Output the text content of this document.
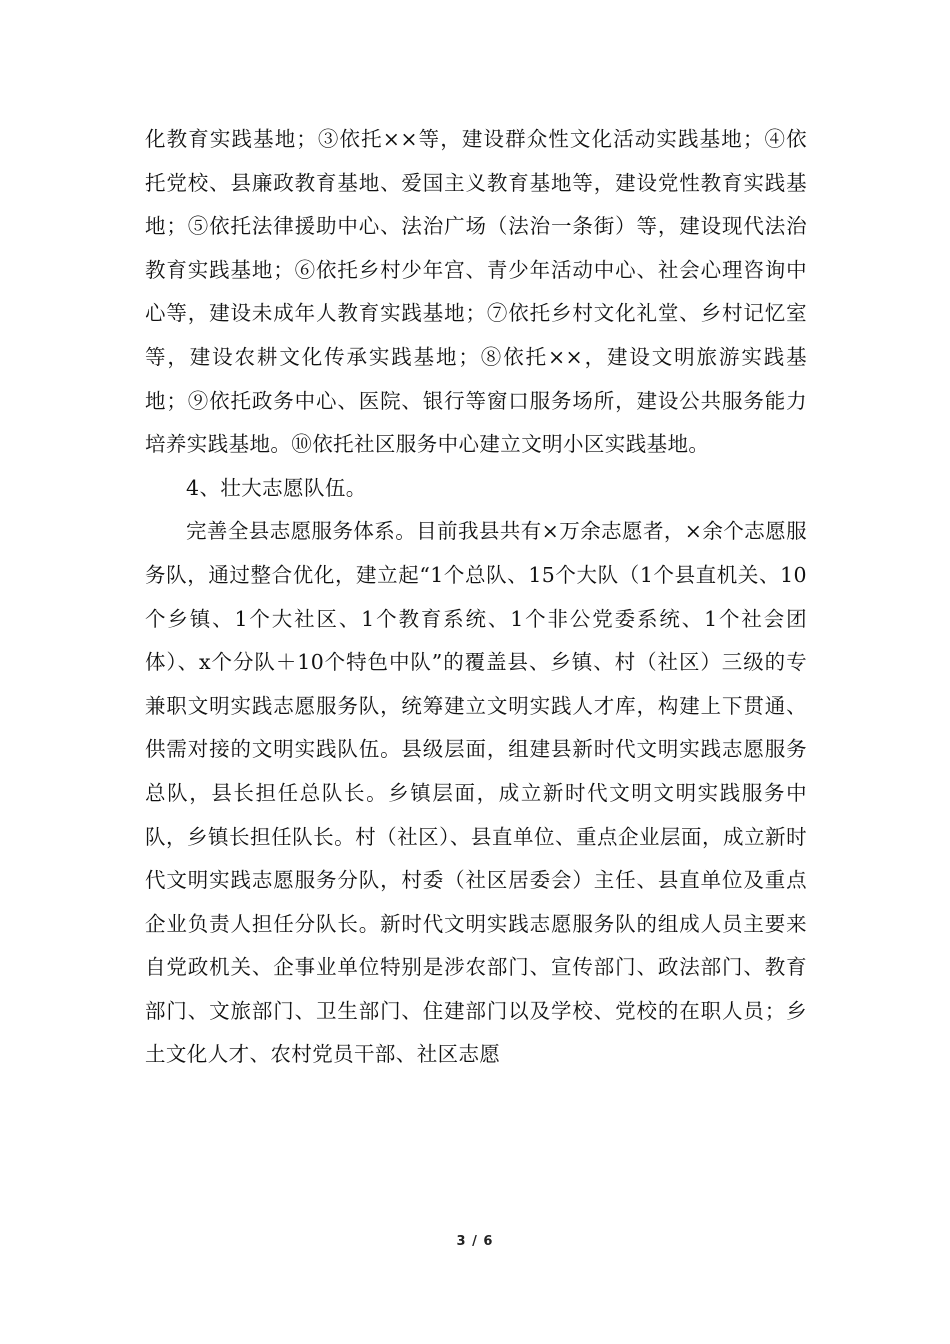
化教育实践基地；③依托××等，建设群众性文化活动实践基地；④依托党校、县廉政教育基地、爱国主义教育基地等，建设党性教育实践基地；⑤依托法律援助中心、法治广场（法治一条街）等，建设现代法治教育实践基地；⑥依托乡村少年宫、青少年活动中心、社会心理咨询中心等，建设未成年人教育实践基地；⑦依托乡村文化礼堂、乡村记忆室等，建设农耕文化传承实践基地；⑧依托××，建设文明旅游实践基地；⑨依托政务中心、医院、银行等窗口服务场所，建设公共服务能力培养实践基地。⑩依托社区服务中心建立文明小区实践基地。

4、壮大志愿队伍。

完善全县志愿服务体系。目前我县共有×万余志愿者，×余个志愿服务队，通过整合优化，建立起“1个总队、15个大队（1个县直机关、10个乡镇、1个大社区、1个教育系统、1个非公党委系统、1个社会团体）、x个分队＋10个特色中队”的覆盖县、乡镇、村（社区）三级的专兼职文明实践志愿服务队，统筹建立文明实践人才库，构建上下贯通、供需对接的文明实践队伍。县级层面，组建县新时代文明实践志愿服务总队，县长担任总队长。乡镇层面，成立新时代文明文明实践服务中队，乡镇长担任队长。村（社区）、县直单位、重点企业层面，成立新时代文明实践志愿服务分队，村委（社区居委会）主任、县直单位及重点企业负责人担任分队长。新时代文明实践志愿服务队的组成人员主要来自党政机关、企事业单位特别是涉农部门、宣传部门、政法部门、教育部门、文旅部门、卫生部门、住建部门以及学校、党校的在职人员；乡土文化人才、农村党员干部、社区志愿

3 / 6
